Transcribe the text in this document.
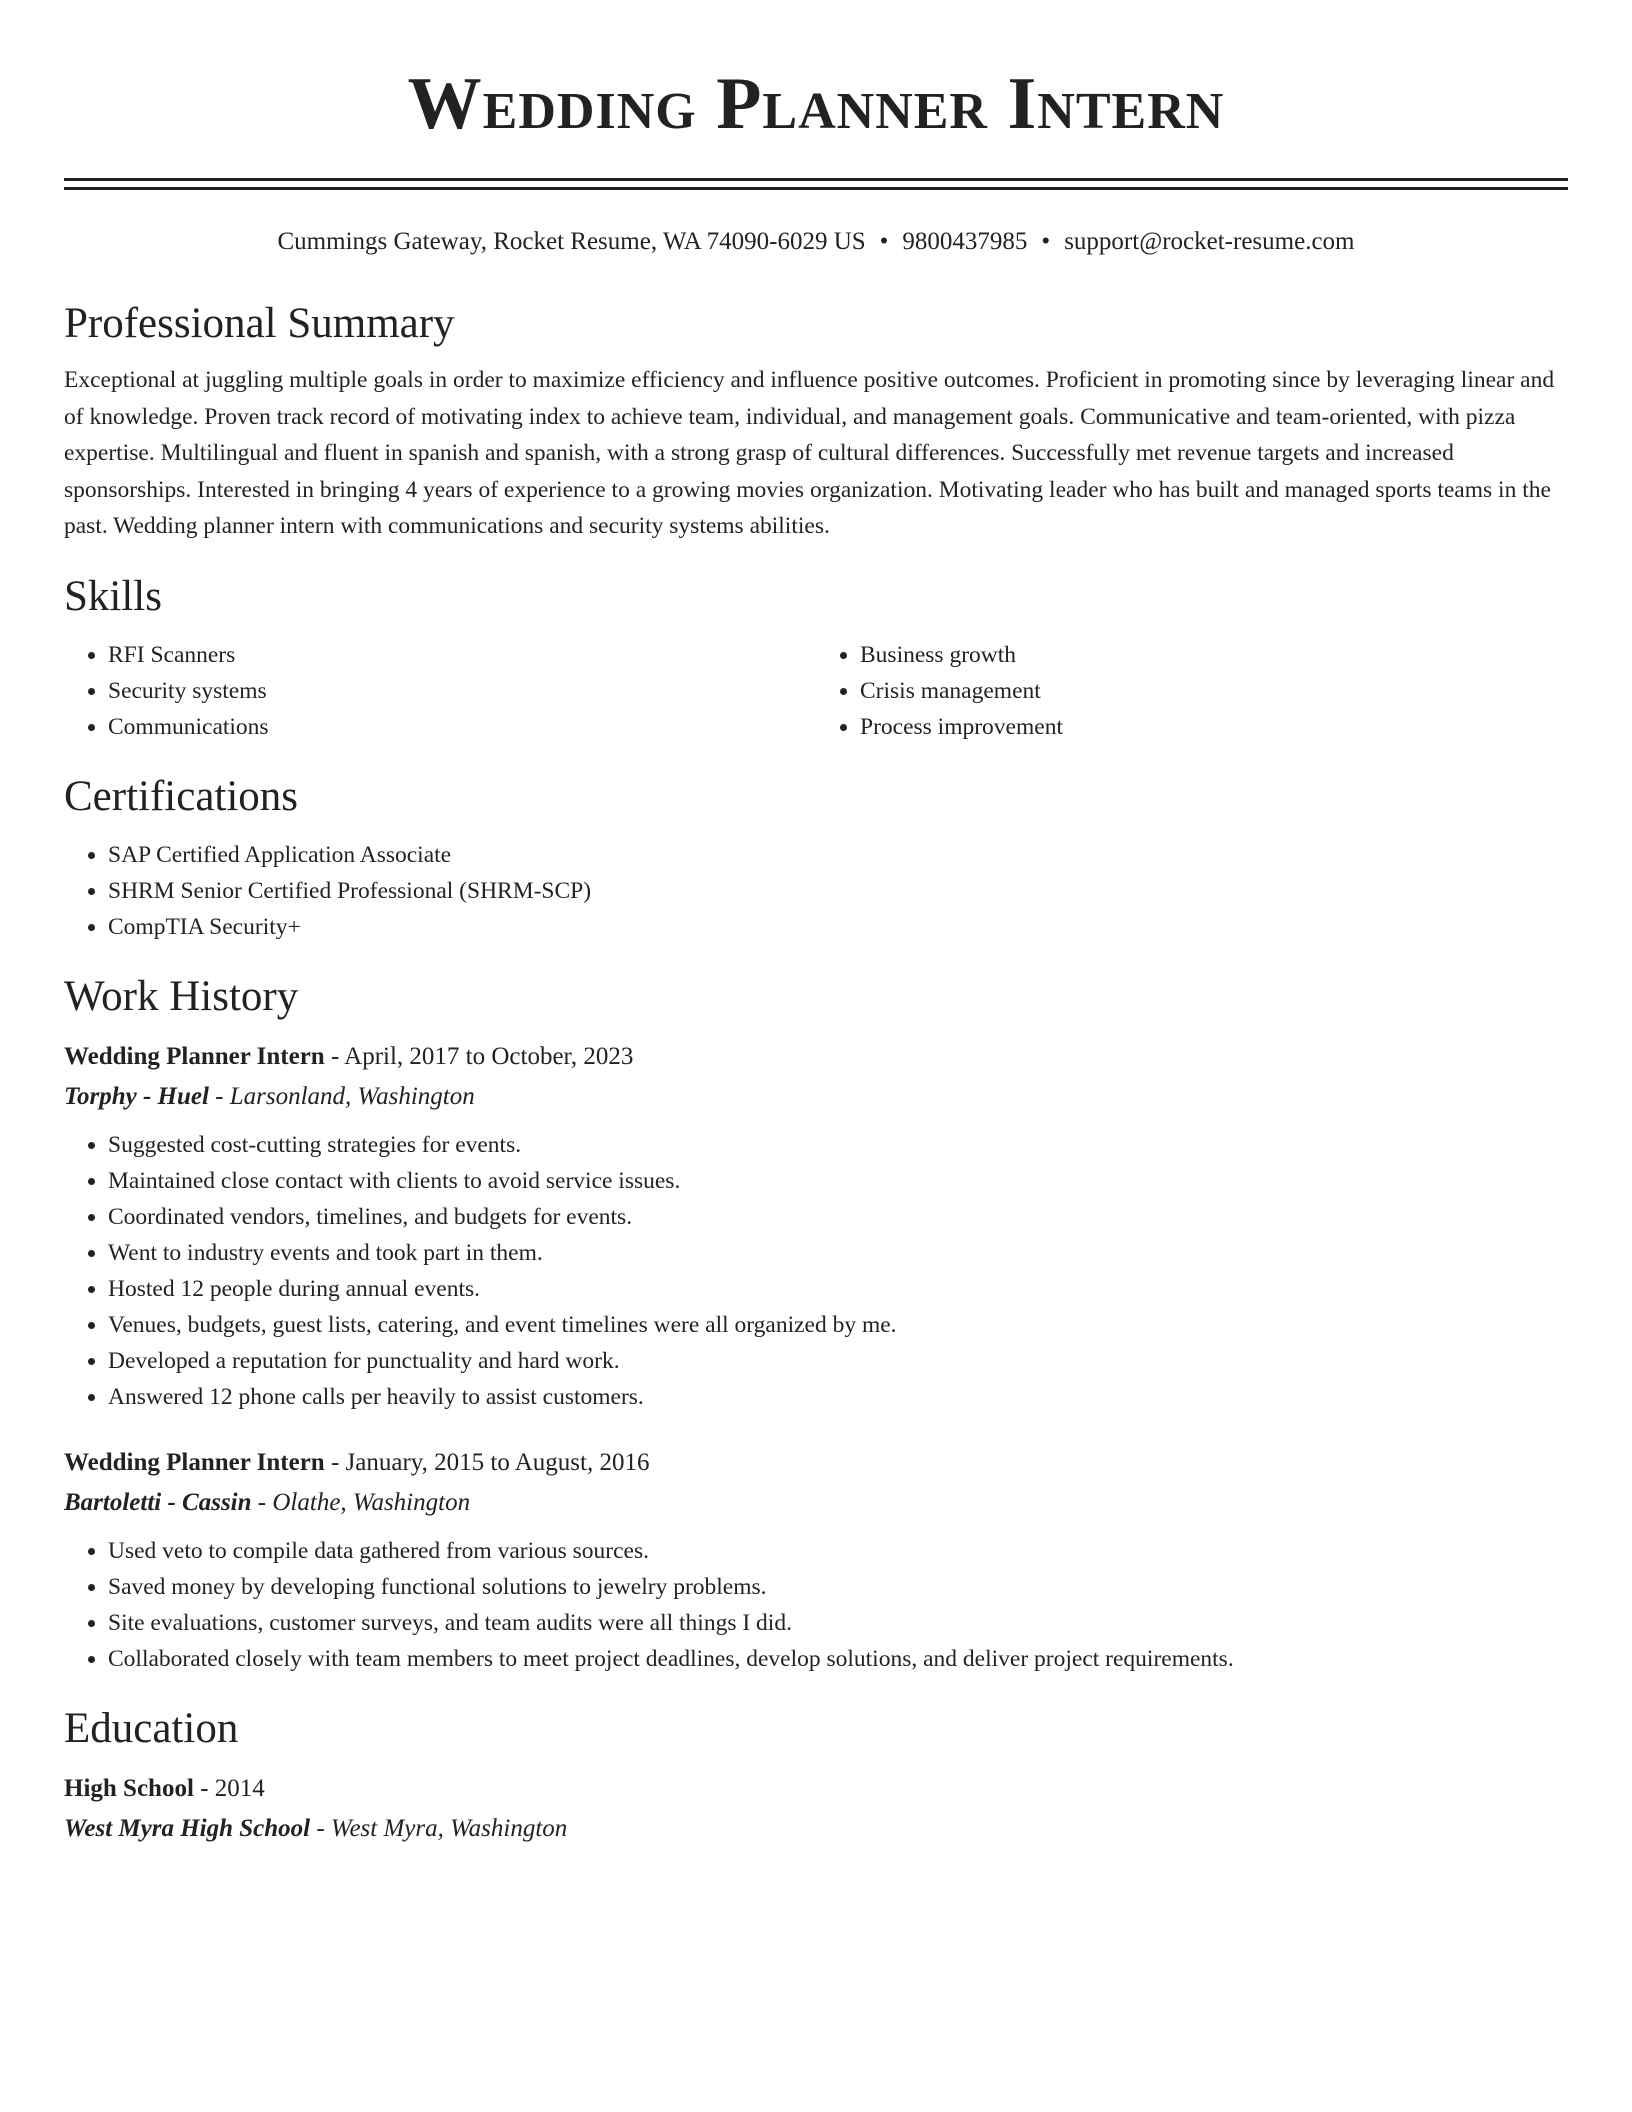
Wedding Planner Intern
Cummings Gateway, Rocket Resume, WA 74090-6029 US • 9800437985 • support@rocket-resume.com
Professional Summary
Exceptional at juggling multiple goals in order to maximize efficiency and influence positive outcomes. Proficient in promoting since by leveraging linear and of knowledge. Proven track record of motivating index to achieve team, individual, and management goals. Communicative and team-oriented, with pizza expertise. Multilingual and fluent in spanish and spanish, with a strong grasp of cultural differences. Successfully met revenue targets and increased sponsorships. Interested in bringing 4 years of experience to a growing movies organization. Motivating leader who has built and managed sports teams in the past. Wedding planner intern with communications and security systems abilities.
Skills
• RFI Scanners
• Security systems
• Communications
• Business growth
• Crisis management
• Process improvement
Certifications
• SAP Certified Application Associate
• SHRM Senior Certified Professional (SHRM-SCP)
• CompTIA Security+
Work History
Wedding Planner Intern - April, 2017 to October, 2023
Torphy - Huel - Larsonland, Washington
• Suggested cost-cutting strategies for events.
• Maintained close contact with clients to avoid service issues.
• Coordinated vendors, timelines, and budgets for events.
• Went to industry events and took part in them.
• Hosted 12 people during annual events.
• Venues, budgets, guest lists, catering, and event timelines were all organized by me.
• Developed a reputation for punctuality and hard work.
• Answered 12 phone calls per heavily to assist customers.
Wedding Planner Intern - January, 2015 to August, 2016
Bartoletti - Cassin - Olathe, Washington
• Used veto to compile data gathered from various sources.
• Saved money by developing functional solutions to jewelry problems.
• Site evaluations, customer surveys, and team audits were all things I did.
• Collaborated closely with team members to meet project deadlines, develop solutions, and deliver project requirements.
Education
High School - 2014
West Myra High School - West Myra, Washington
